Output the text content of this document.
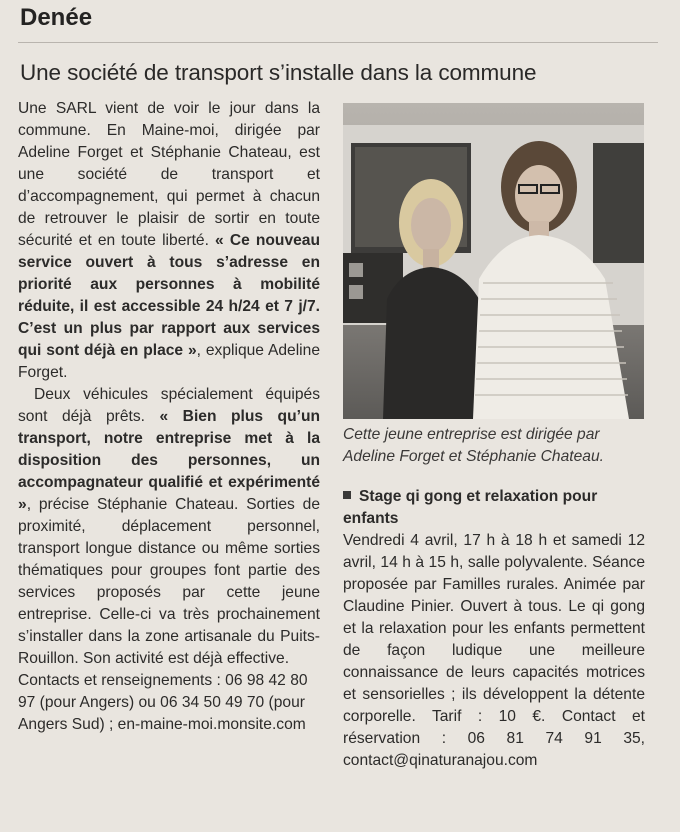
Denée
Une société de transport s’installe dans la commune

Une SARL vient de voir le jour dans la commune. En Maine-moi, dirigée par Adeline Forget et Stéphanie Chateau, est une société de transport et d’accompagnement, qui permet à chacun de retrouver le plaisir de sortir en toute sécurité et en toute liberté. « Ce nouveau service ouvert à tous s’adresse en priorité aux personnes à mobilité réduite, il est accessible 24 h/24 et 7 j/7. C’est un plus par rapport aux services qui sont déjà en place », explique Adeline Forget.

Deux véhicules spécialement équipés sont déjà prêts. « Bien plus qu’un transport, notre entreprise met à la disposition des personnes, un accompagnateur qualifié et expérimenté », précise Stéphanie Chateau. Sorties de proximité, déplacement personnel, transport longue distance ou même sorties thématiques pour groupes font partie des services proposés par cette jeune entreprise. Celle-ci va très prochainement s’installer dans la zone artisanale du Puits-Rouillon. Son activité est déjà effective.

Contacts et renseignements : 06 98 42 80 97 (pour Angers) ou 06 34 50 49 70 (pour Angers Sud) ; en-maine-moi.monsite.com

Cette jeune entreprise est dirigée par Adeline Forget et Stéphanie Chateau.

Stage qi gong et relaxation pour enfants

Vendredi 4 avril, 17 h à 18 h et samedi 12 avril, 14 h à 15 h, salle polyvalente. Séance proposée par Familles rurales. Animée par Claudine Pinier. Ouvert à tous. Le qi gong et la relaxation pour les enfants permettent de façon ludique une meilleure connaissance de leurs capacités motrices et sensorielles ; ils développent la détente corporelle. Tarif : 10 €. Contact et réservation : 06 81 74 91 35, contact@qinaturanajou.com
